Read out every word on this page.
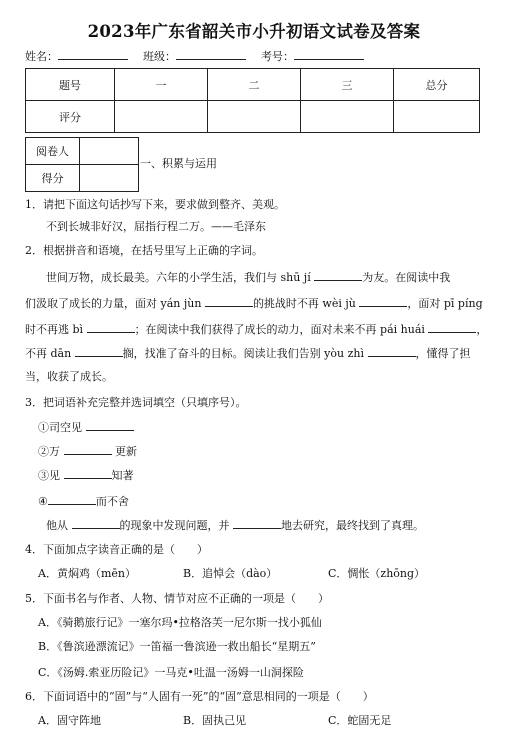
2023年广东省韶关市小升初语文试卷及答案
姓名：	班级：	考号：
题号	一	二	三	总分
评分				
阅卷人	
得分	
一、积累与运用
1．请把下面这句话抄写下来，要求做到整齐、美观。
不到长城非好汉，屈指行程二万。——毛泽东
2．根据拼音和语境，在括号里写上正确的字词。
世间万物，成长最美。六年的小学生活，我们与 shū jí	为友。在阅读中我
们汲取了成长的力量，面对 yán jùn	的挑战时不再 wèi jù	，面对 pī píng
时不再逃 bì	；在阅读中我们获得了成长的动力，面对未来不再 pái huái	，
不再 dān	搁，找准了奋斗的目标。阅读让我们告别 yòu zhì	，懂得了担
当，收获了成长。
3．把词语补充完整并选词填空（只填序号）。
①司空见
②万	更新
③见	知著
④	而不舍
他从	的现象中发现问题，并	地去研究，最终找到了真理。
4．下面加点字读音正确的是（　　）
A．黄焖鸡（mēn）	B．追悼会（dào）	C．惆怅（zhōng）
5．下面书名与作者、人物、情节对应不正确的一项是（　　）
A．《骑鹅旅行记》一塞尔玛•拉格洛芙一尼尔斯一找小狐仙
B．《鲁滨逊漂流记》一笛福一鲁滨逊一救出船长“星期五”
C．《汤姆.索亚历险记》一马克•吐温一汤姆一山洞探险
6．下面词语中的“固”与“人固有一死”的“固”意思相同的一项是（　　）
A．固守阵地	B．固执己见	C．蛇固无足
